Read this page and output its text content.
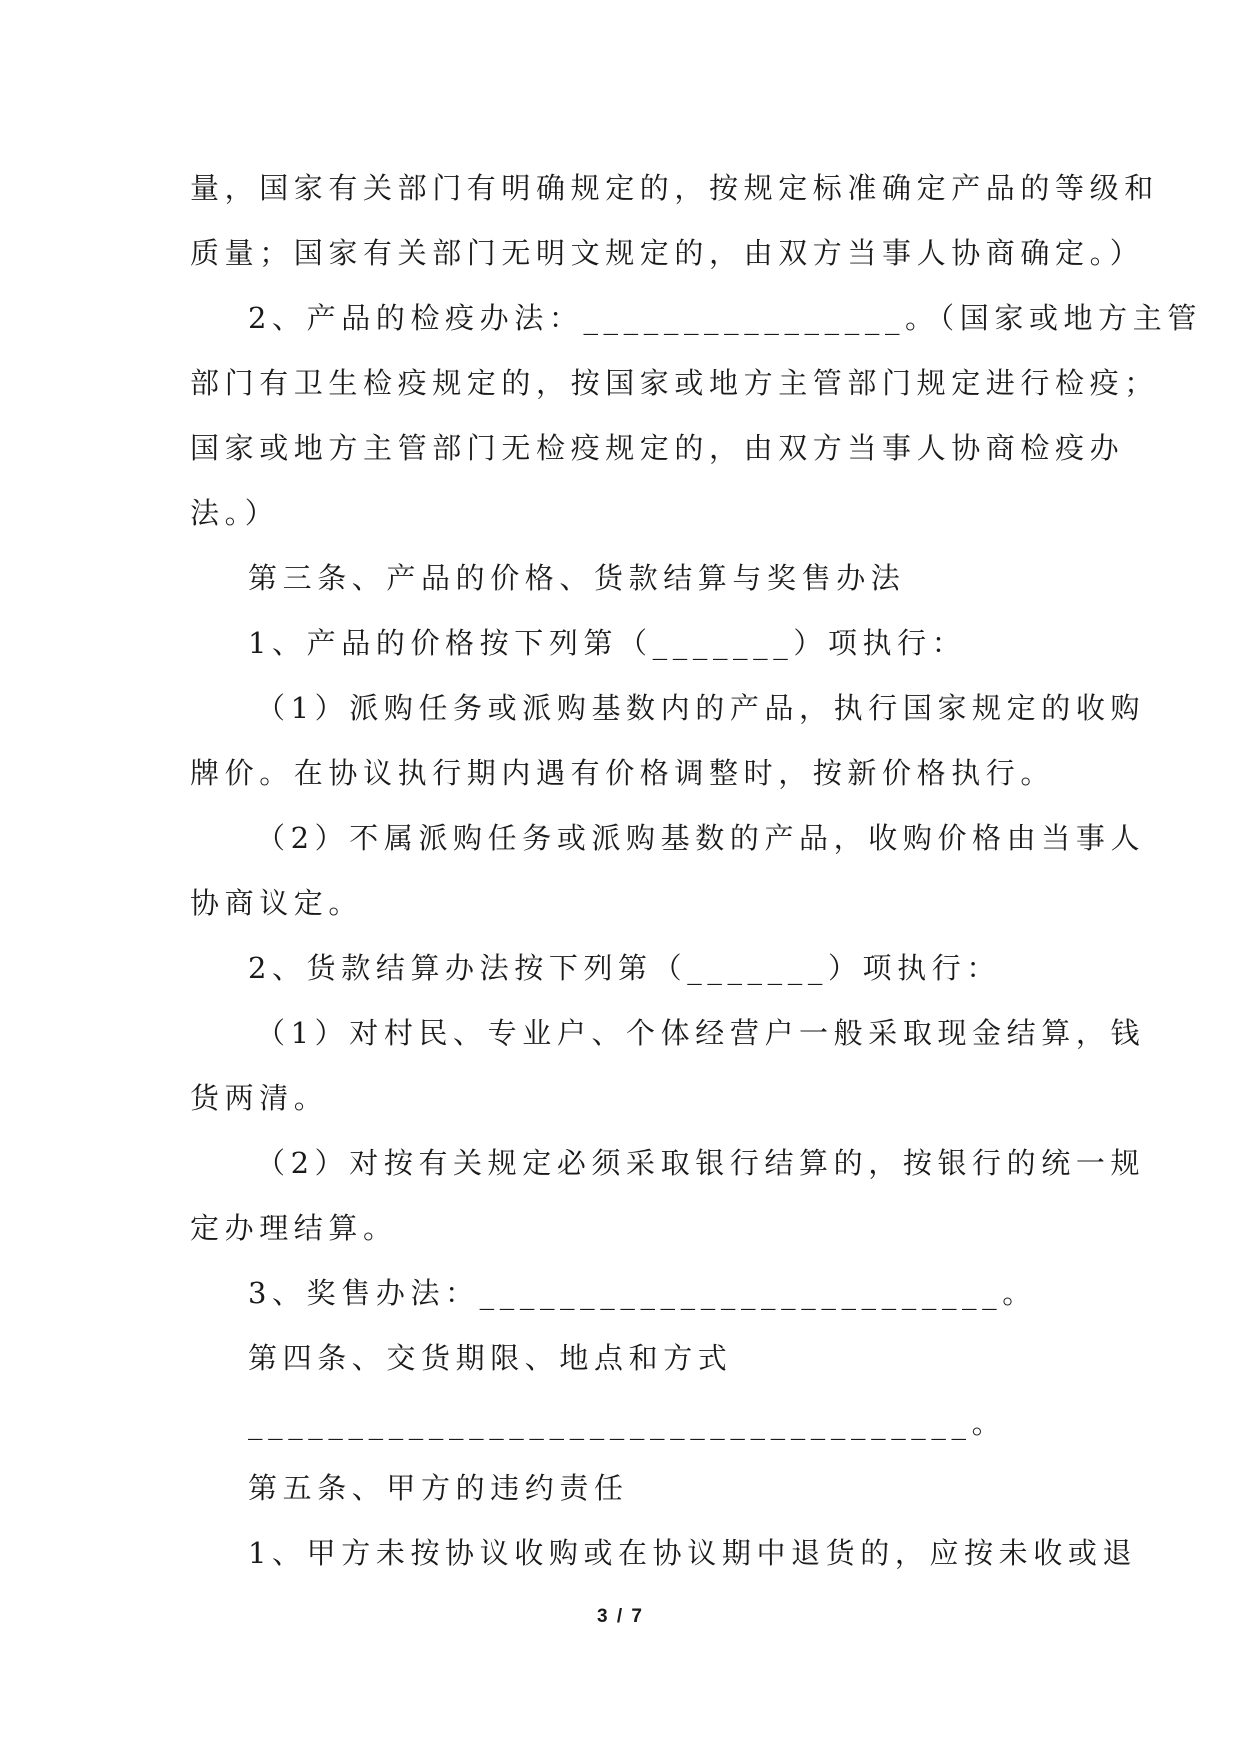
量，国家有关部门有明确规定的，按规定标准确定产品的等级和

质量；国家有关部门无明文规定的，由双方当事人协商确定。）

2、产品的检疫办法：________________。（国家或地方主管

部门有卫生检疫规定的，按国家或地方主管部门规定进行检疫；

国家或地方主管部门无检疫规定的，由双方当事人协商检疫办

法。）

第三条、产品的价格、货款结算与奖售办法

1、产品的价格按下列第（_______）项执行：

（1）派购任务或派购基数内的产品，执行国家规定的收购

牌价。在协议执行期内遇有价格调整时，按新价格执行。

（2）不属派购任务或派购基数的产品，收购价格由当事人

协商议定。

2、货款结算办法按下列第（_______）项执行：

（1）对村民、专业户、个体经营户一般采取现金结算，钱

货两清。

（2）对按有关规定必须采取银行结算的，按银行的统一规

定办理结算。

3、奖售办法：__________________________。

第四条、交货期限、地点和方式

____________________________________。

第五条、甲方的违约责任

1、甲方未按协议收购或在协议期中退货的，应按未收或退

3 / 7
